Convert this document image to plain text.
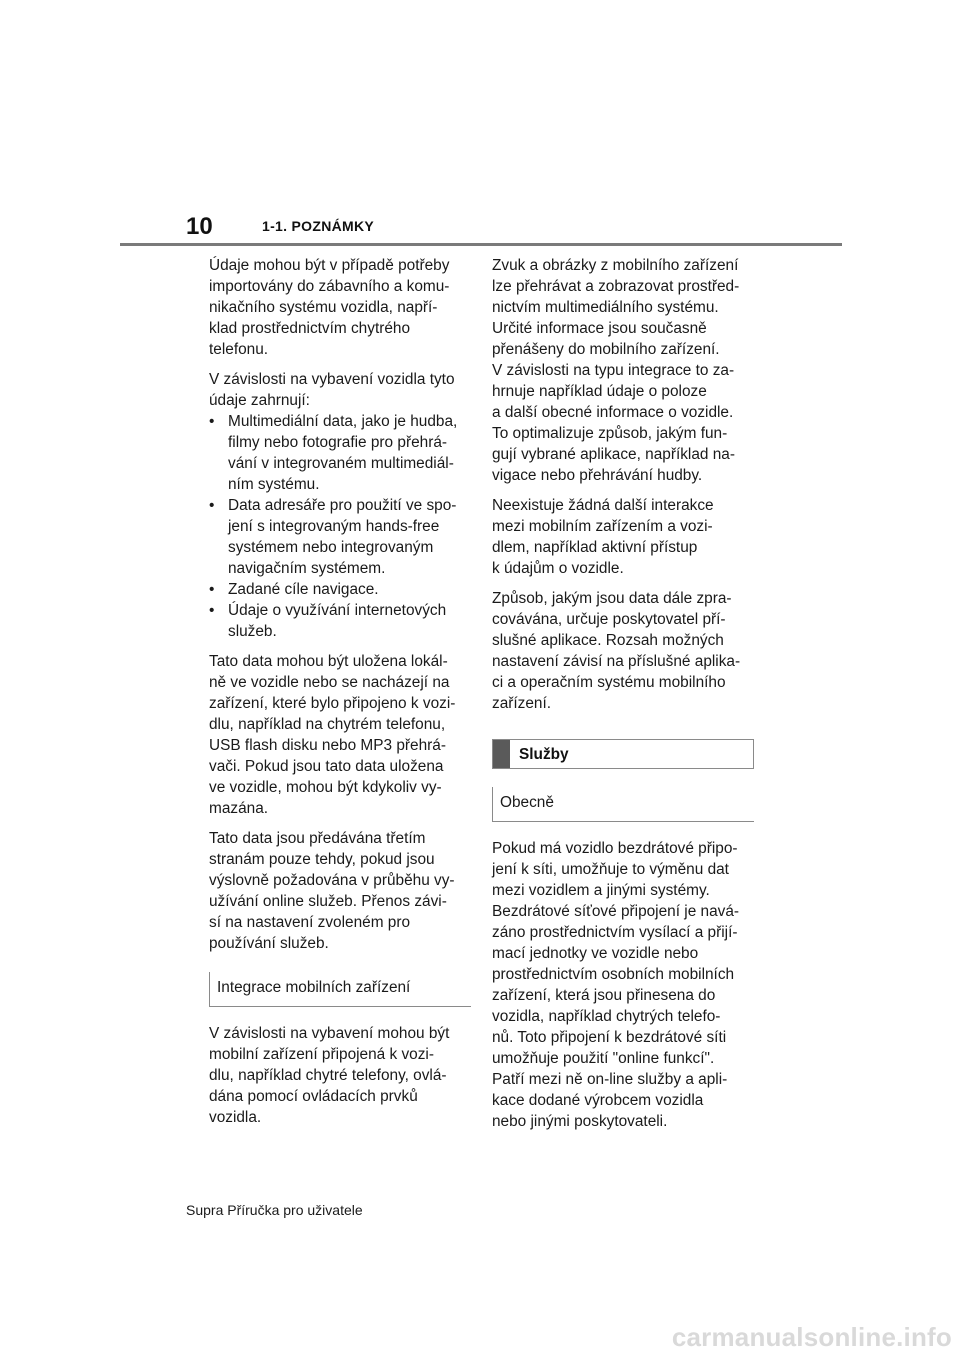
10	1-1. POZNÁMKY

Údaje mohou být v případě potřeby
importovány do zábavního a komu-
nikačního systému vozidla, napří-
klad prostřednictvím chytrého
telefonu.

V závislosti na vybavení vozidla tyto
údaje zahrnují:

• Multimediální data, jako je hudba,
filmy nebo fotografie pro přehrá-
vání v integrovaném multimediál-
ním systému.
• Data adresáře pro použití ve spo-
jení s integrovaným hands-free
systémem nebo integrovaným
navigačním systémem.
• Zadané cíle navigace.
• Údaje o využívání internetových
služeb.

Tato data mohou být uložena lokál-
ně ve vozidle nebo se nacházejí na
zařízení, které bylo připojeno k vozi-
dlu, například na chytrém telefonu,
USB flash disku nebo MP3 přehrá-
vači. Pokud jsou tato data uložena
ve vozidle, mohou být kdykoliv vy-
mazána.

Tato data jsou předávána třetím
stranám pouze tehdy, pokud jsou
výslovně požadována v průběhu vy-
užívání online služeb. Přenos závi-
sí na nastavení zvoleném pro
používání služeb.

Integrace mobilních zařízení

V závislosti na vybavení mohou být
mobilní zařízení připojená k vozi-
dlu, například chytré telefony, ovlá-
dána pomocí ovládacích prvků
vozidla.

Zvuk a obrázky z mobilního zařízení
lze přehrávat a zobrazovat prostřed-
nictvím multimediálního systému.
Určité informace jsou současně
přenášeny do mobilního zařízení.
V závislosti na typu integrace to za-
hrnuje například údaje o poloze
a další obecné informace o vozidle.
To optimalizuje způsob, jakým fun-
gují vybrané aplikace, například na-
vigace nebo přehrávání hudby.

Neexistuje žádná další interakce
mezi mobilním zařízením a vozi-
dlem, například aktivní přístup
k údajům o vozidle.

Způsob, jakým jsou data dále zpra-
covávána, určuje poskytovatel pří-
slušné aplikace. Rozsah možných
nastavení závisí na příslušné aplika-
ci a operačním systému mobilního
zařízení.

Služby
Obecně

Pokud má vozidlo bezdrátové připo-
jení k síti, umožňuje to výměnu dat
mezi vozidlem a jinými systémy.
Bezdrátové síťové připojení je navá-
záno prostřednictvím vysílací a přijí-
mací jednotky ve vozidle nebo
prostřednictvím osobních mobilních
zařízení, která jsou přinesena do
vozidla, například chytrých telefo-
nů. Toto připojení k bezdrátové síti
umožňuje použití "online funkcí".
Patří mezi ně on-line služby a apli-
kace dodané výrobcem vozidla
nebo jinými poskytovateli.

Supra Příručka pro uživatele
carmanualsonline.info
